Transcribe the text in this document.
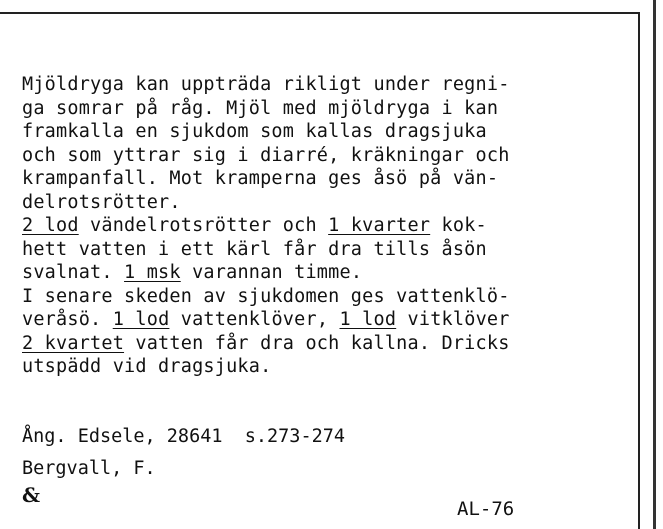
Mjöldryga kan uppträda rikligt under regni-
ga somrar på råg. Mjöl med mjöldryga i kan
framkalla en sjukdom som kallas dragsjuka
och som yttrar sig i diarré, kräkningar och
krampanfall. Mot kramperna ges åsö på vän-
delrotsrötter.
2 lod vändelrotsrötter och 1 kvarter kok-
hett vatten i ett kärl får dra tills åsön
svalnat. 1 msk varannan timme.
I senare skeden av sjukdomen ges vattenklö-
veråsö. 1 lod vattenklöver, 1 lod vitklöver
2 kvartet vatten får dra och kallna. Dricks
utspädd vid dragsjuka.
Ång. Edsele, 28641  s.273-274
Bergvall, F.
&
AL-76
